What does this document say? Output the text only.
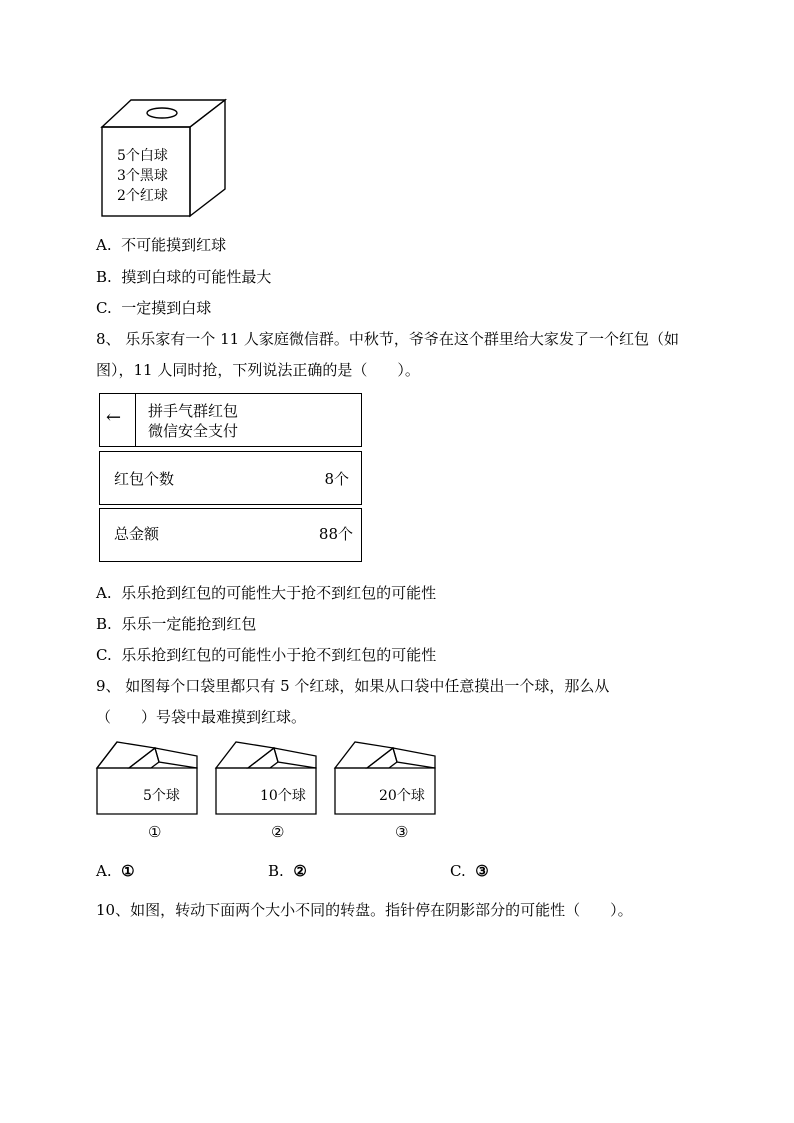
5个白球
3个黑球
2个红球
A. 不可能摸到红球
B. 摸到白球的可能性最大
C. 一定摸到白球
8、 乐乐家有一个 11 人家庭微信群。中秋节，爷爷在这个群里给大家发了一个红包（如
图），11 人同时抢，下列说法正确的是（　　）。
← 拼手气群红包
微信安全支付
红包个数	8个
总金额	88个
A. 乐乐抢到红包的可能性大于抢不到红包的可能性
B. 乐乐一定能抢到红包
C. 乐乐抢到红包的可能性小于抢不到红包的可能性
9、 如图每个口袋里都只有 5 个红球，如果从口袋中任意摸出一个球，那么从
（　　）号袋中最难摸到红球。
5个球
①
10个球
②
20个球
③
A. ①	B. ②	C. ③
10、如图，转动下面两个大小不同的转盘。指针停在阴影部分的可能性（　　）。
